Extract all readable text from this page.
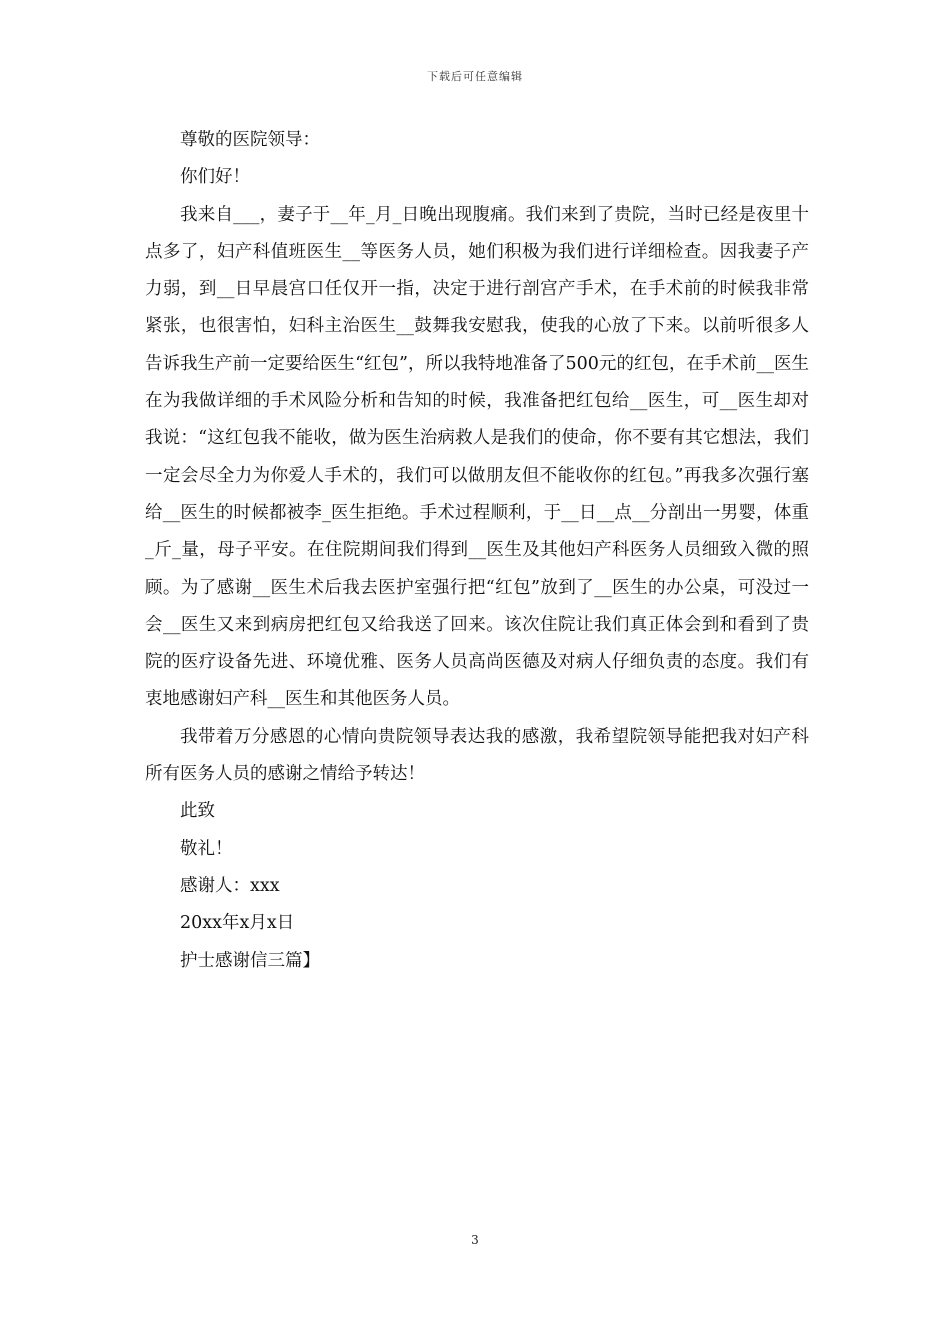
下载后可任意编辑

尊敬的医院领导：

你们好！

我来自___，妻子于__年_月_日晚出现腹痛。我们来到了贵院，当时已经是夜里十点多了，妇产科值班医生__等医务人员，她们积极为我们进行详细检查。因我妻子产力弱，到__日早晨宫口任仅开一指，决定于进行剖宫产手术，在手术前的时候我非常紧张，也很害怕，妇科主治医生__鼓舞我安慰我，使我的心放了下来。以前听很多人告诉我生产前一定要给医生“红包”，所以我特地准备了500元的红包，在手术前__医生在为我做详细的手术风险分析和告知的时候，我准备把红包给__医生，可__医生却对我说：“这红包我不能收，做为医生治病救人是我们的使命，你不要有其它想法，我们一定会尽全力为你爱人手术的，我们可以做朋友但不能收你的红包。”再我多次强行塞给__医生的时候都被李_医生拒绝。手术过程顺利，于__日__点__分剖出一男婴，体重_斤_量，母子平安。在住院期间我们得到__医生及其他妇产科医务人员细致入微的照顾。为了感谢__医生术后我去医护室强行把“红包”放到了__医生的办公桌，可没过一会__医生又来到病房把红包又给我送了回来。该次住院让我们真正体会到和看到了贵院的医疗设备先进、环境优雅、医务人员高尚医德及对病人仔细负责的态度。我们有衷地感谢妇产科__医生和其他医务人员。

我带着万分感恩的心情向贵院领导表达我的感激，我希望院领导能把我对妇产科所有医务人员的感谢之情给予转达！

此致

敬礼！

感谢人：xxx

20xx年x月x日

护士感谢信三篇】

3
